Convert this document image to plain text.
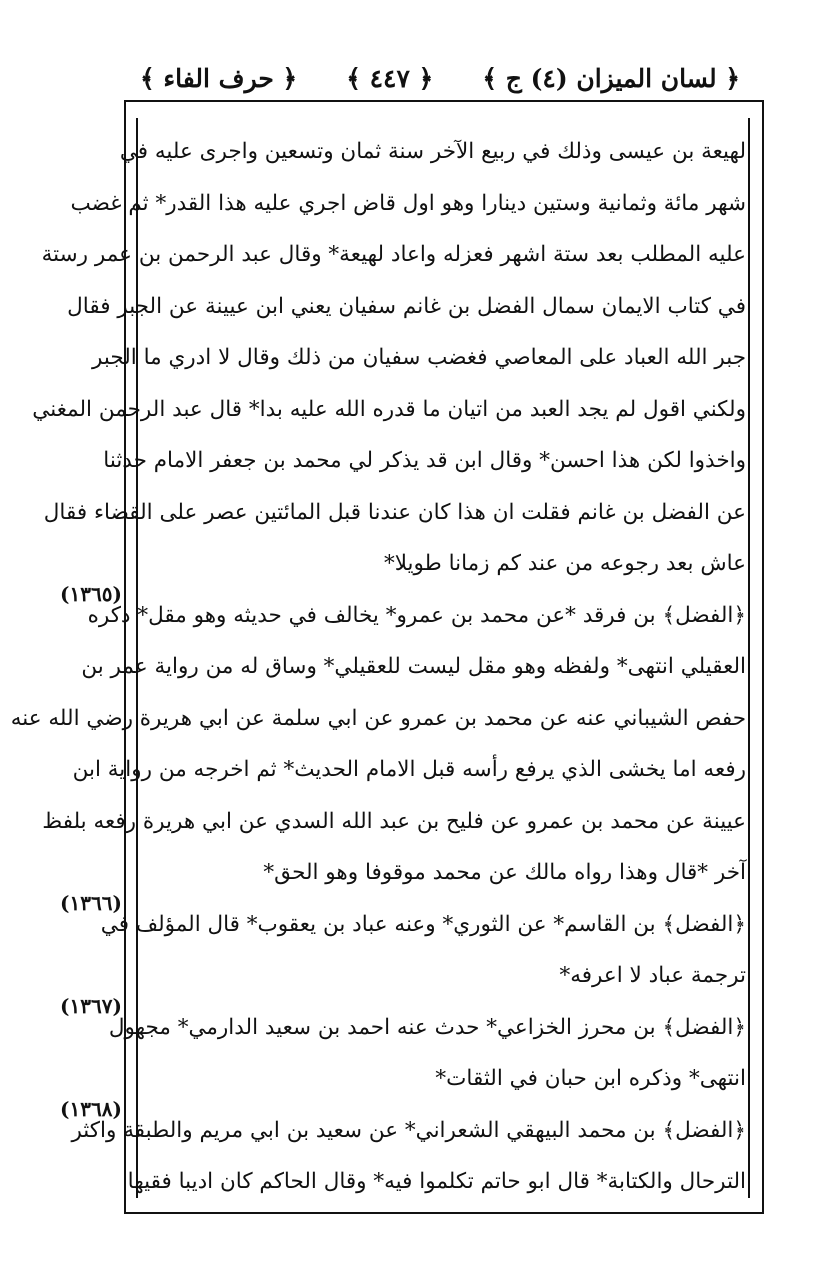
﴿ لسان الميزان (٤) ج ﴾
﴿ ٤٤٧ ﴾
﴿ حرف الفاء ﴾
لهيعة بن عيسى وذلك في ربيع الآخر سنة ثمان وتسعين واجرى عليه في
شهر مائة وثمانية وستين دينارا وهو اول قاض اجري عليه هذا القدر* ثم غضب
عليه المطلب بعد ستة اشهر فعزله واعاد لهيعة* وقال عبد الرحمن بن عمر رستة
في كتاب الايمان سمال الفضل بن غانم سفيان يعني ابن عيينة عن الجبر فقال
جبر الله العباد على المعاصي فغضب سفيان من ذلك وقال لا ادري ما الجبر
ولكني اقول لم يجد العبد من اتيان ما قدره الله عليه بدا* قال عبد الرحمن المغني
واخذوا لكن هذا احسن* وقال ابن قد يذكر لي محمد بن جعفر الامام حدثنا
عن الفضل بن غانم فقلت ان هذا كان عندنا قبل المائتين عصر على القضاء فقال
عاش بعد رجوعه من عند كم زمانا طويلا*
﴿الفضل﴾ بن فرقد *عن محمد بن عمرو* يخالف في حديثه وهو مقل* ذكره
العقيلي انتهى* ولفظه وهو مقل ليست للعقيلي* وساق له من رواية عمر بن
حفص الشيباني عنه عن محمد بن عمرو عن ابي سلمة عن ابي هريرة رضي الله عنه
رفعه اما يخشى الذي يرفع رأسه قبل الامام الحديث* ثم اخرجه من رواية ابن
عيينة عن محمد بن عمرو عن فليح بن عبد الله السدي عن ابي هريرة رفعه بلفظ
آخر *قال وهذا رواه مالك عن محمد موقوفا وهو الحق*
﴿الفضل﴾ بن القاسم* عن الثوري* وعنه عباد بن يعقوب* قال المؤلف في
ترجمة عباد لا اعرفه*
﴿الفضل﴾ بن محرز الخزاعي* حدث عنه احمد بن سعيد الدارمي* مجهول
انتهى* وذكره ابن حبان في الثقات*
﴿الفضل﴾ بن محمد البيهقي الشعراني* عن سعيد بن ابي مريم والطبقة واكثر
الترحال والكتابة* قال ابو حاتم تكلموا فيه* وقال الحاكم كان اديبا فقيها
(١٣٦٥)
(١٣٦٦)
(١٣٦٧)
(١٣٦٨)
